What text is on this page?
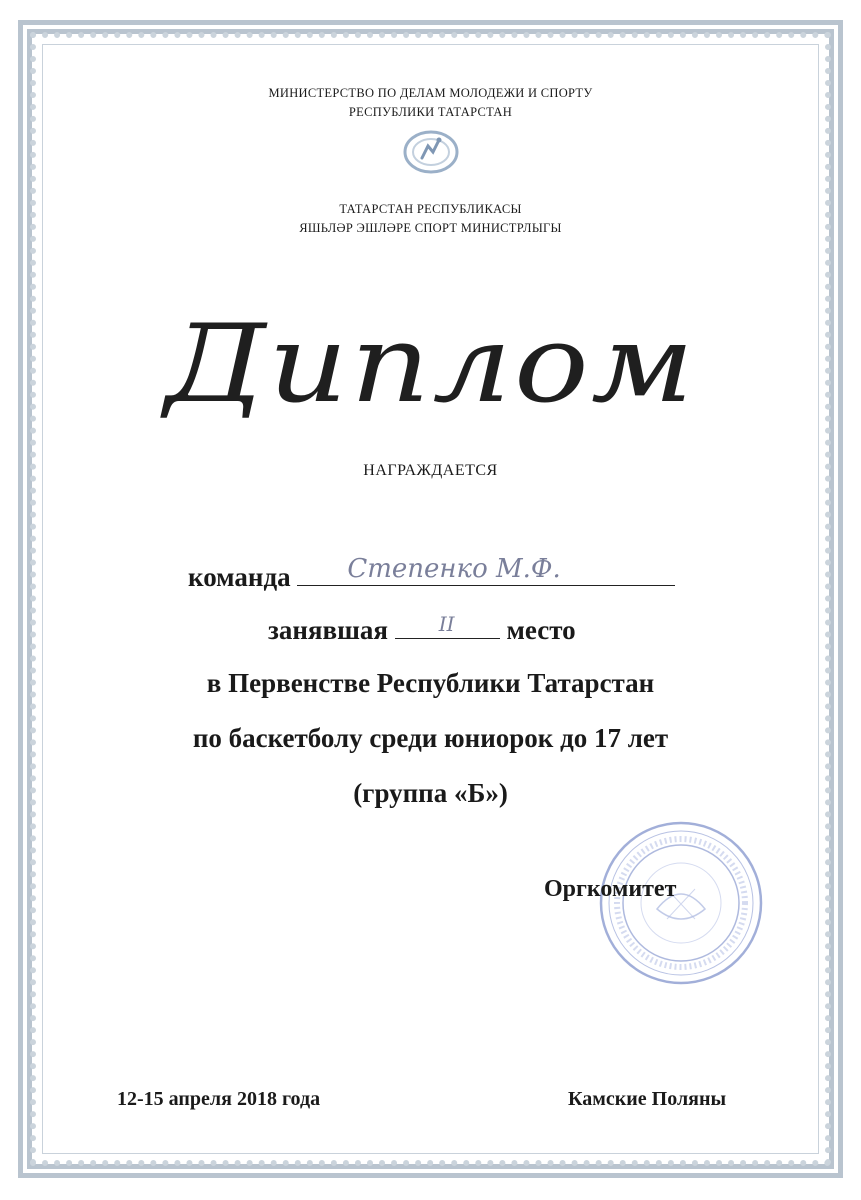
МИНИСТЕРСТВО ПО ДЕЛАМ МОЛОДЕЖИ И СПОРТУ
РЕСПУБЛИКИ ТАТАРСТАН
ТАТАРСТАН РЕСПУБЛИКАСЫ
ЯШЬЛӘР ЭШЛӘРЕ СПОРТ МИНИСТРЛЫГЫ
Диплом
НАГРАЖДАЕТСЯ
команда Степенко М.Ф.
занявшая	II место
в Первенстве Республики Татарстан
по баскетболу среди юниорок до 17 лет
(группа «Б»)
Оргкомитет
12-15 апреля 2018 года	Камские Поляны
